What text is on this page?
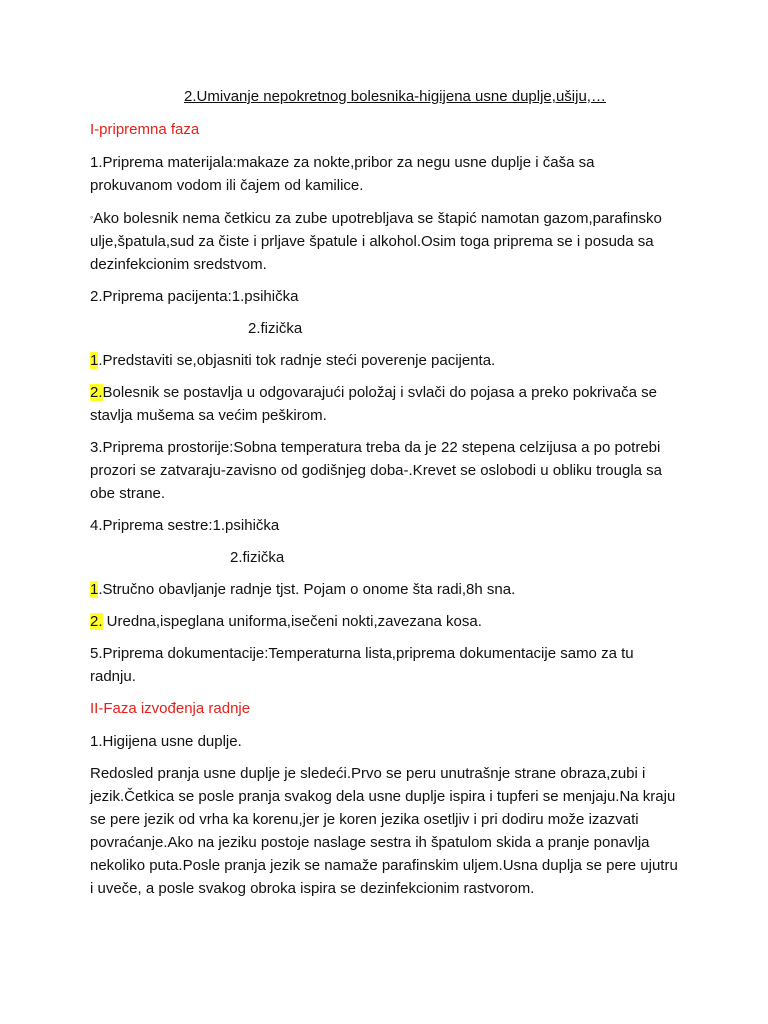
2.Umivanje nepokretnog bolesnika-higijena usne duplje,ušiju,…

I-pripremna faza

1.Priprema materijala:makaze za nokte,pribor za negu usne duplje i čaša sa prokuvanom vodom ili čajem od kamilice.

◦Ako bolesnik nema četkicu za zube upotrebljava se štapić namotan gazom,parafinsko ulje,špatula,sud za čiste i prljave špatule i alkohol.Osim toga priprema se i posuda sa dezinfekcionim sredstvom.

2.Priprema pacijenta:1.psihička

2.fizička

1.Predstaviti se,objasniti tok radnje steći poverenje pacijenta.

2.Bolesnik se postavlja u odgovarajući položaj i svlači do pojasa a preko pokrivača se stavlja mušema sa većim peškirom.

3.Priprema prostorije:Sobna temperatura treba da je 22 stepena celzijusa a po potrebi prozori se zatvaraju-zavisno od godišnjeg doba-.Krevet se oslobodi u obliku trougla sa obe strane.

4.Priprema sestre:1.psihička

2.fizička

1.Stručno obavljanje radnje tjst. Pojam o onome šta radi,8h sna.

2. Uredna,ispeglana uniforma,isečeni nokti,zavezana kosa.

5.Priprema dokumentacije:Temperaturna lista,priprema dokumentacije samo za tu radnju.

II-Faza izvođenja radnje

1.Higijena usne duplje.

Redosled pranja usne duplje je sledeći.Prvo se peru unutrašnje strane obraza,zubi i jezik.Četkica se posle pranja svakog dela usne duplje ispira i tupferi se menjaju.Na kraju se pere jezik od vrha ka korenu,jer je koren jezika osetljiv i pri dodiru može izazvati povraćanje.Ako na jeziku postoje naslage sestra ih špatulom skida a pranje ponavlja nekoliko puta.Posle pranja jezik se namaže parafinskim uljem.Usna duplja se pere ujutru i uveče, a posle svakog obroka ispira se dezinfekcionim rastvorom.
